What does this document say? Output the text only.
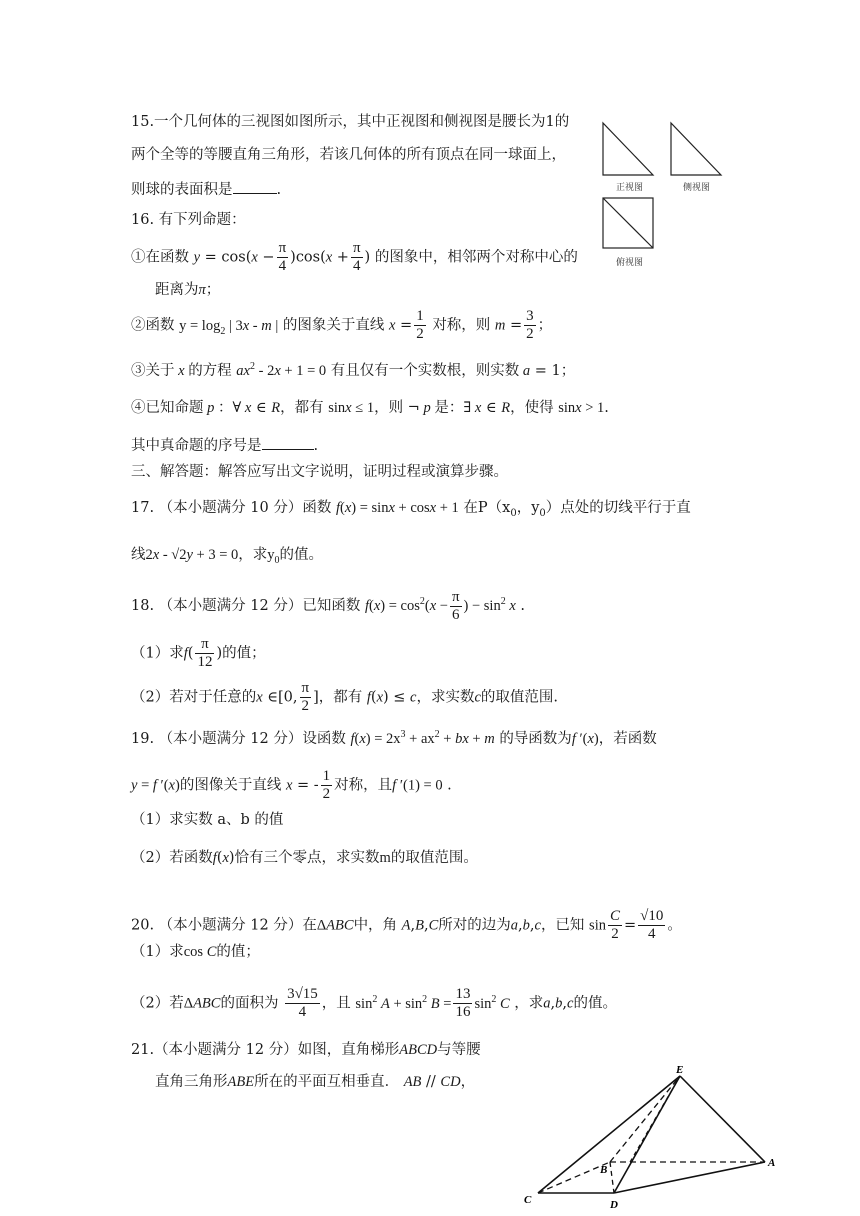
15.一个几何体的三视图如图所示，其中正视图和侧视图是腰长为1的
两个全等的等腰直角三角形，若该几何体的所有顶点在同一球面上，
则球的表面积是	.	正视图	侧视图
俯视图
16. 有下列命题：
①在函数 $y = \cos(x - \frac{\pi}{4} )\cos(x + \frac{\pi}{4}$ ) 的图象中，相邻两个对称中心的
距离为π；
②函数 $y = \log_2$ | 3x - m | 的图象关于直线 $x = \frac{1}{2}$ 对称，则 $m = \frac{3}{2}$ ；
③关于 x 的方程 $ax^2 - 2x + 1 = 0$ 有且仅有一个实数根，则实数 a = 1；
④已知命题 p ：∀ x ∈ R，都有 sinx ≤ 1，则 ¬ p 是：∃ x ∈ R，使得 sinx > 1.
其中真命题的序号是	.
三、解答题：解答应写出文字说明，证明过程或演算步骤。
17. （本小题满分 10 分）函数 f(x) = sinx + cosx + 1 在$P(x_0$，$y_0$）点处的切线平行于直
线2x - √2y + 3 = 0，求$y_0$的值。
18. （本小题满分 12 分）已知函数 $f(x) = \cos^2(x - \frac{\pi}{6}$ ) − $\sin^2 x$ .
（1）求$f( \frac{\pi}{12}$ )的值；
（2）若对于任意的x ∈[0, $\frac{\pi}{2}$ ]，都有 f(x) ≤ c，求实数c的取值范围.
19. （本小题满分 12 分）设函数 $f(x) = 2x^3 + ax^2$ + bx + m 的导函数为f ′(x)，若函数
y = f ′(x)的图像关于直线 x = - $\frac{1}{2}$ 对称，且f ′(1) = 0 .
（1）求实数 a、b 的值
（2）若函数f(x)恰有三个零点，求实数m的取值范围。
20. （本小题满分 12 分）在ΔABC中，角 A,B,C所对的边为a,b,c，已知 $\sin \frac{C}{2} = \frac{√10}{4}$ 。
（1）求cos C的值；
（2）若ΔABC的面积为 $\frac{3√15}{4}$ ，且 $\sin^2 A + \sin^2 B = \frac{13}{16} \sin^2 C$ ，求a,b,c的值。
21.（本小题满分 12 分）如图，直角梯形ABCD与等腰
直角三角形ABE所在的平面互相垂直． AB // CD，
E
A
B
C	D
